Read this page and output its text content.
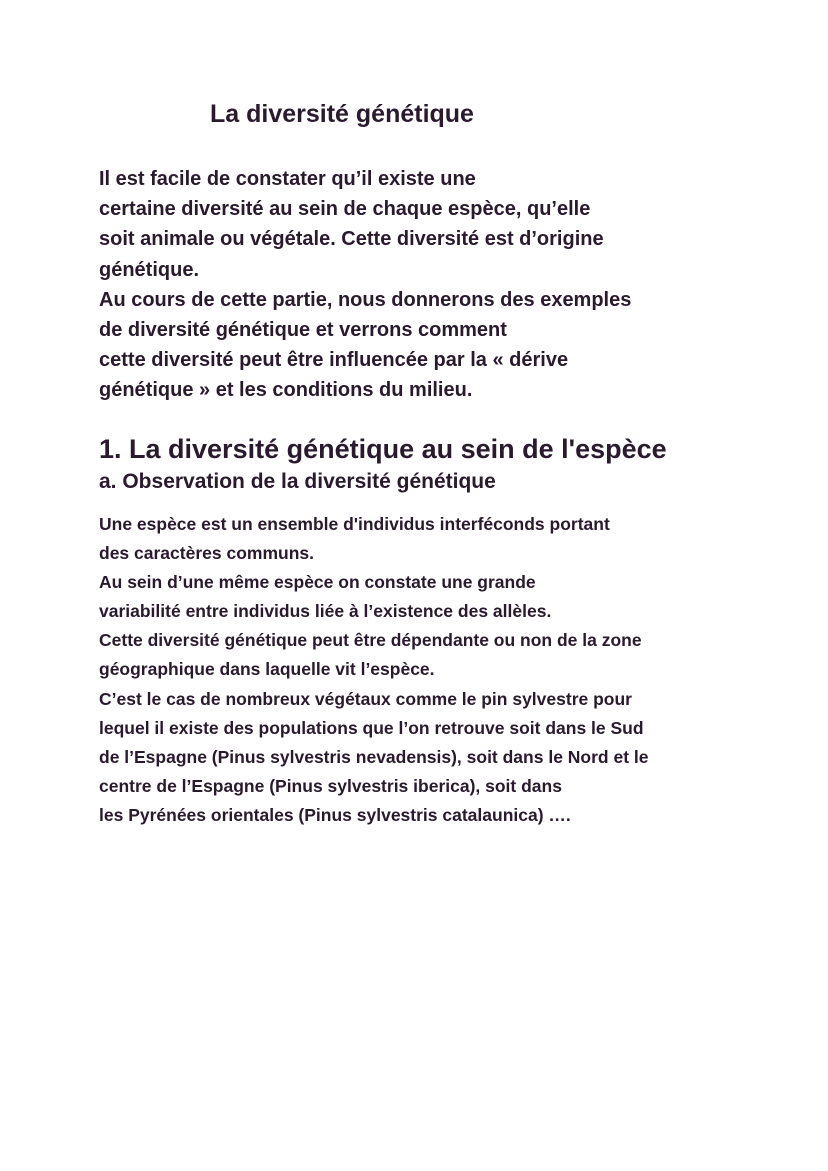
La diversité génétique
Il est facile de constater qu’il existe une
certaine diversité au sein de chaque espèce, qu’elle
soit animale ou végétale. Cette diversité est d’origine
génétique.
Au cours de cette partie, nous donnerons des exemples
de diversité génétique et verrons comment
cette diversité peut être influencée par la « dérive
génétique » et les conditions du milieu.
1. La diversité génétique au sein de l'espèce
a. Observation de la diversité génétique
Une espèce est un ensemble d'individus interféconds portant
des caractères communs.
Au sein d’une même espèce on constate une grande
variabilité entre individus liée à l’existence des allèles.
Cette diversité génétique peut être dépendante ou non de la zone
géographique dans laquelle vit l’espèce.
C’est le cas de nombreux végétaux comme le pin sylvestre pour
lequel il existe des populations que l’on retrouve soit dans le Sud
de l’Espagne (Pinus sylvestris nevadensis), soit dans le Nord et le
centre de l’Espagne (Pinus sylvestris iberica), soit dans
les Pyrénées orientales (Pinus sylvestris catalaunica) ….
